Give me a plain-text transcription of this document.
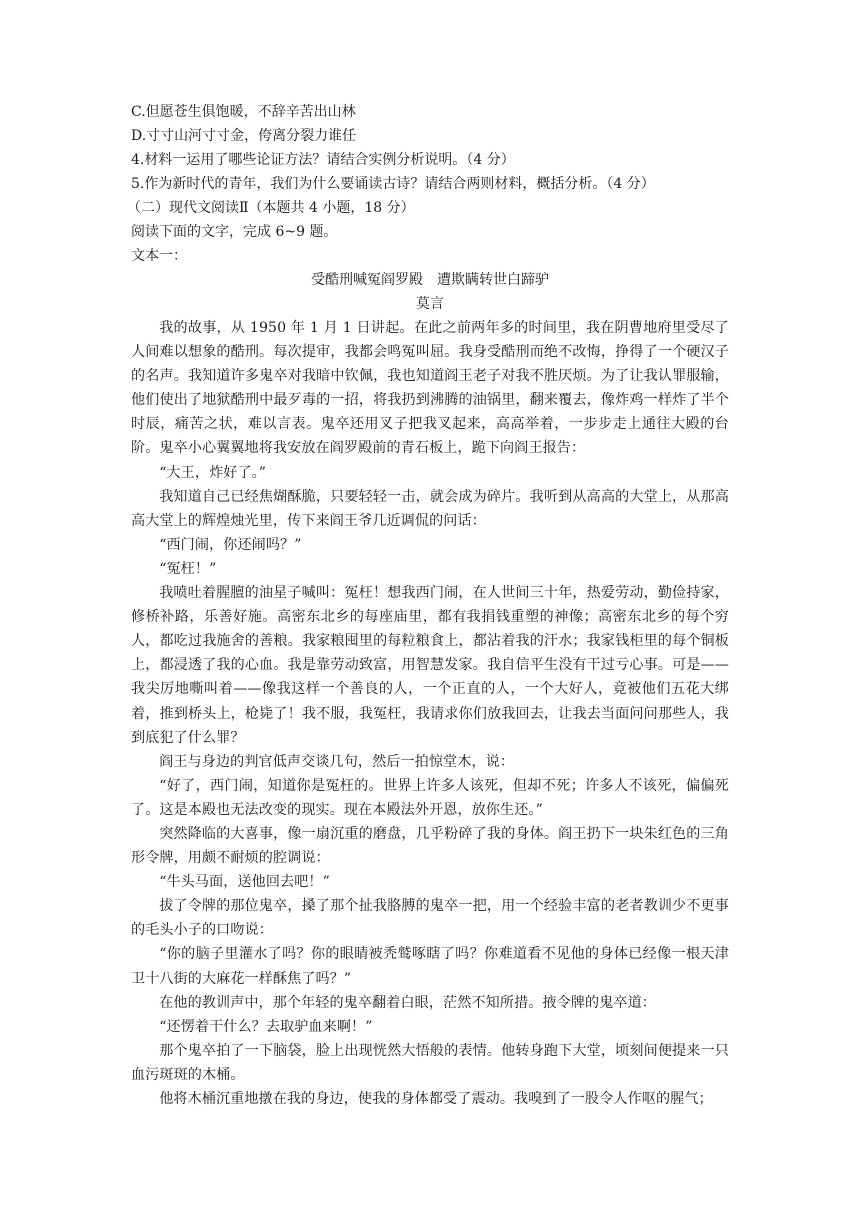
C.但愿苍生俱饱暖，不辞辛苦出山林
D.寸寸山河寸寸金，侉离分裂力谁任
4.材料一运用了哪些论证方法？请结合实例分析说明。（4 分）
5.作为新时代的青年，我们为什么要诵读古诗？请结合两则材料，概括分析。（4 分）
（二）现代文阅读Ⅱ（本题共 4 小题，18 分）
阅读下面的文字，完成 6~9 题。
文本一：
受酷刑喊冤阎罗殿　遭欺瞒转世白蹄驴
莫言

我的故事，从 1950 年 1 月 1 日讲起。在此之前两年多的时间里，我在阴曹地府里受尽了人间难以想象的酷刑。每次提审，我都会鸣冤叫屈。我身受酷刑而绝不改悔，挣得了一个硬汉子的名声。我知道许多鬼卒对我暗中钦佩，我也知道阎王老子对我不胜厌烦。为了让我认罪服输，他们使出了地狱酷刑中最歹毒的一招，将我扔到沸腾的油锅里，翻来覆去，像炸鸡一样炸了半个时辰，痛苦之状，难以言表。鬼卒还用叉子把我叉起来，高高举着，一步步走上通往大殿的台阶。鬼卒小心翼翼地将我安放在阎罗殿前的青石板上，跪下向阎王报告：

“大王，炸好了。”

我知道自己已经焦煳酥脆，只要轻轻一击，就会成为碎片。我听到从高高的大堂上，从那高高大堂上的辉煌烛光里，传下来阎王爷几近调侃的问话：

“西门闹，你还闹吗？”

“冤枉！”

我喷吐着腥膻的油星子喊叫：冤枉！想我西门闹，在人世间三十年，热爱劳动，勤俭持家，修桥补路，乐善好施。高密东北乡的每座庙里，都有我捐钱重塑的神像；高密东北乡的每个穷人，都吃过我施舍的善粮。我家粮囤里的每粒粮食上，都沾着我的汗水；我家钱柜里的每个铜板上，都浸透了我的心血。我是靠劳动致富，用智慧发家。我自信平生没有干过亏心事。可是——我尖厉地嘶叫着——像我这样一个善良的人，一个正直的人，一个大好人，竟被他们五花大绑着，推到桥头上，枪毙了！我不服，我冤枉，我请求你们放我回去，让我去当面问问那些人，我到底犯了什么罪？

阎王与身边的判官低声交谈几句，然后一拍惊堂木，说：

“好了，西门闹，知道你是冤枉的。世界上许多人该死，但却不死；许多人不该死，偏偏死了。这是本殿也无法改变的现实。现在本殿法外开恩，放你生还。”

突然降临的大喜事，像一扇沉重的磨盘，几乎粉碎了我的身体。阎王扔下一块朱红色的三角形令牌，用颇不耐烦的腔调说：

“牛头马面，送他回去吧！”

拔了令牌的那位鬼卒，搡了那个扯我胳膊的鬼卒一把，用一个经验丰富的老者教训少不更事的毛头小子的口吻说：

“你的脑子里灌水了吗？你的眼睛被秃鹫啄瞎了吗？你难道看不见他的身体已经像一根天津卫十八街的大麻花一样酥焦了吗？”

在他的教训声中，那个年轻的鬼卒翻着白眼，茫然不知所措。掖令牌的鬼卒道：

“还愣着干什么？去取驴血来啊！”

那个鬼卒拍了一下脑袋，脸上出现恍然大悟般的表情。他转身跑下大堂，顷刻间便提来一只血污斑斑的木桶。

他将木桶沉重地撴在我的身边，使我的身体都受了震动。我嗅到了一股令人作呕的腥气；
